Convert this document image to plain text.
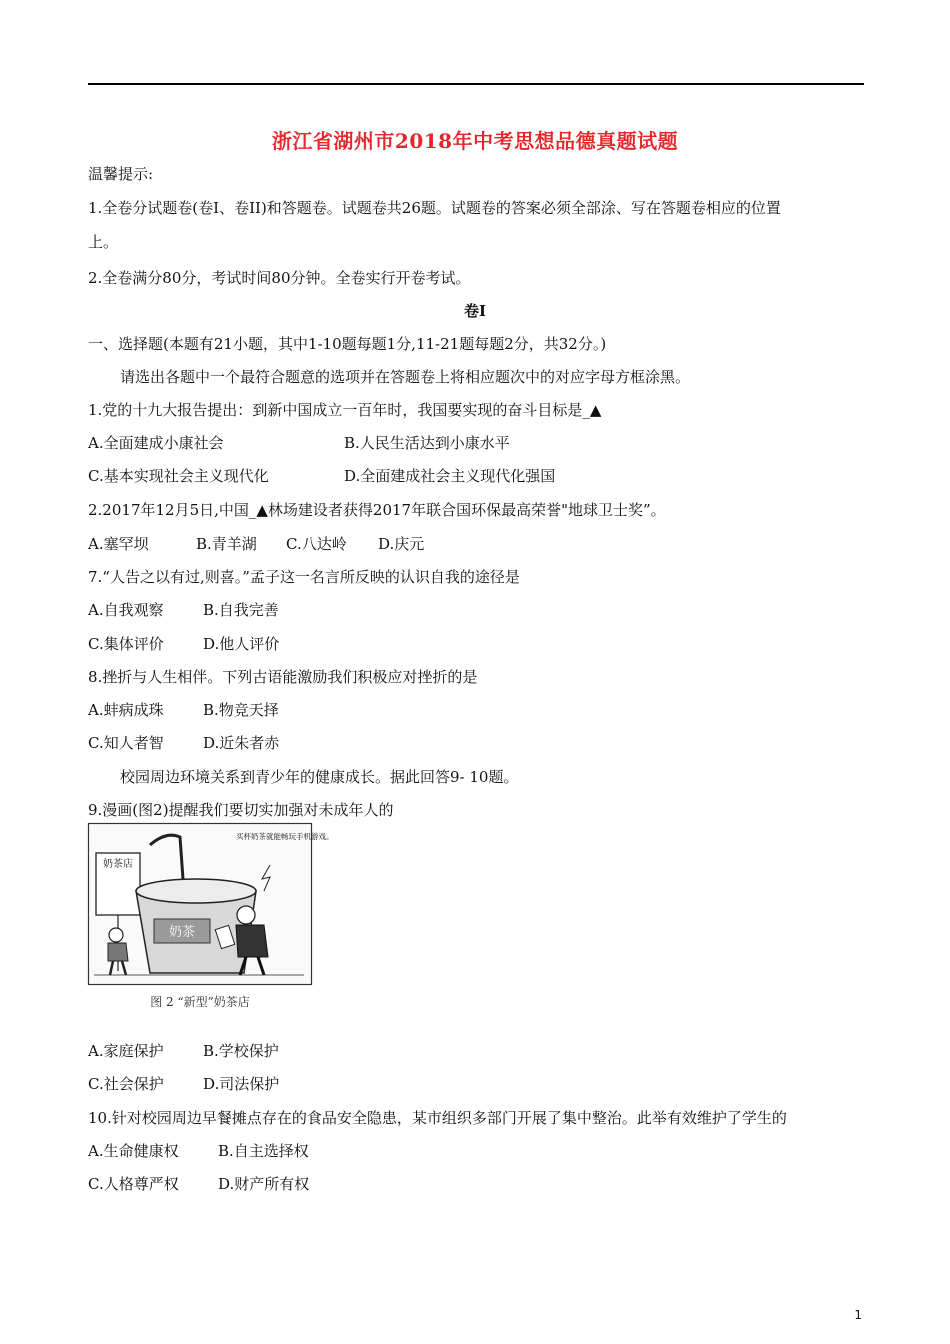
浙江省湖州市2018年中考思想品德真题试题
温馨提示:
1.全卷分试题卷(卷I、卷II)和答题卷。试题卷共26题。试题卷的答案必须全部涂、写在答题卷相应的位置
上。
2.全卷满分80分，考试时间80分钟。全卷实行开卷考试。
卷I
一、选择题(本题有21小题，其中1-10题每题1分,11-21题每题2分，共32分。)
请选出各题中一个最符合题意的选项并在答题卷上将相应题次中的对应字母方框涂黑。
1.党的十九大报告提出：到新中国成立一百年时，我国要实现的奋斗目标是_▲
A.全面建成小康社会	B.人民生活达到小康水平
C.基本实现社会主义现代化	D.全面建成社会主义现代化强国
2.2017年12月5日,中国_▲林场建设者获得2017年联合国环保最高荣誉"地球卫士奖”。
A.塞罕坝	B.青羊湖 C.八达岭 D.庆元
7.“人告之以有过,则喜。”孟子这一名言所反映的认识自我的途径是
A.自我观察	B.自我完善
C.集体评价	D.他人评价
8.挫折与人生相伴。下列古语能激励我们积极应对挫折的是
A.蚌病成珠	B.物竞天择
C.知人者智	D.近朱者赤
校园周边环境关系到青少年的健康成长。据此回答9- 10题。
9.漫画(图2)提醒我们要切实加强对未成年人的
奶茶店
奶茶
买杯奶茶就能畅玩手机游戏。
图 2 “新型”奶茶店
A.家庭保护	B.学校保护
C.社会保护	D.司法保护
10.针对校园周边早餐摊点存在的食品安全隐患，某市组织多部门开展了集中整治。此举有效维护了学生的
A.生命健康权	B.自主选择权
C.人格尊严权	D.财产所有权
1
